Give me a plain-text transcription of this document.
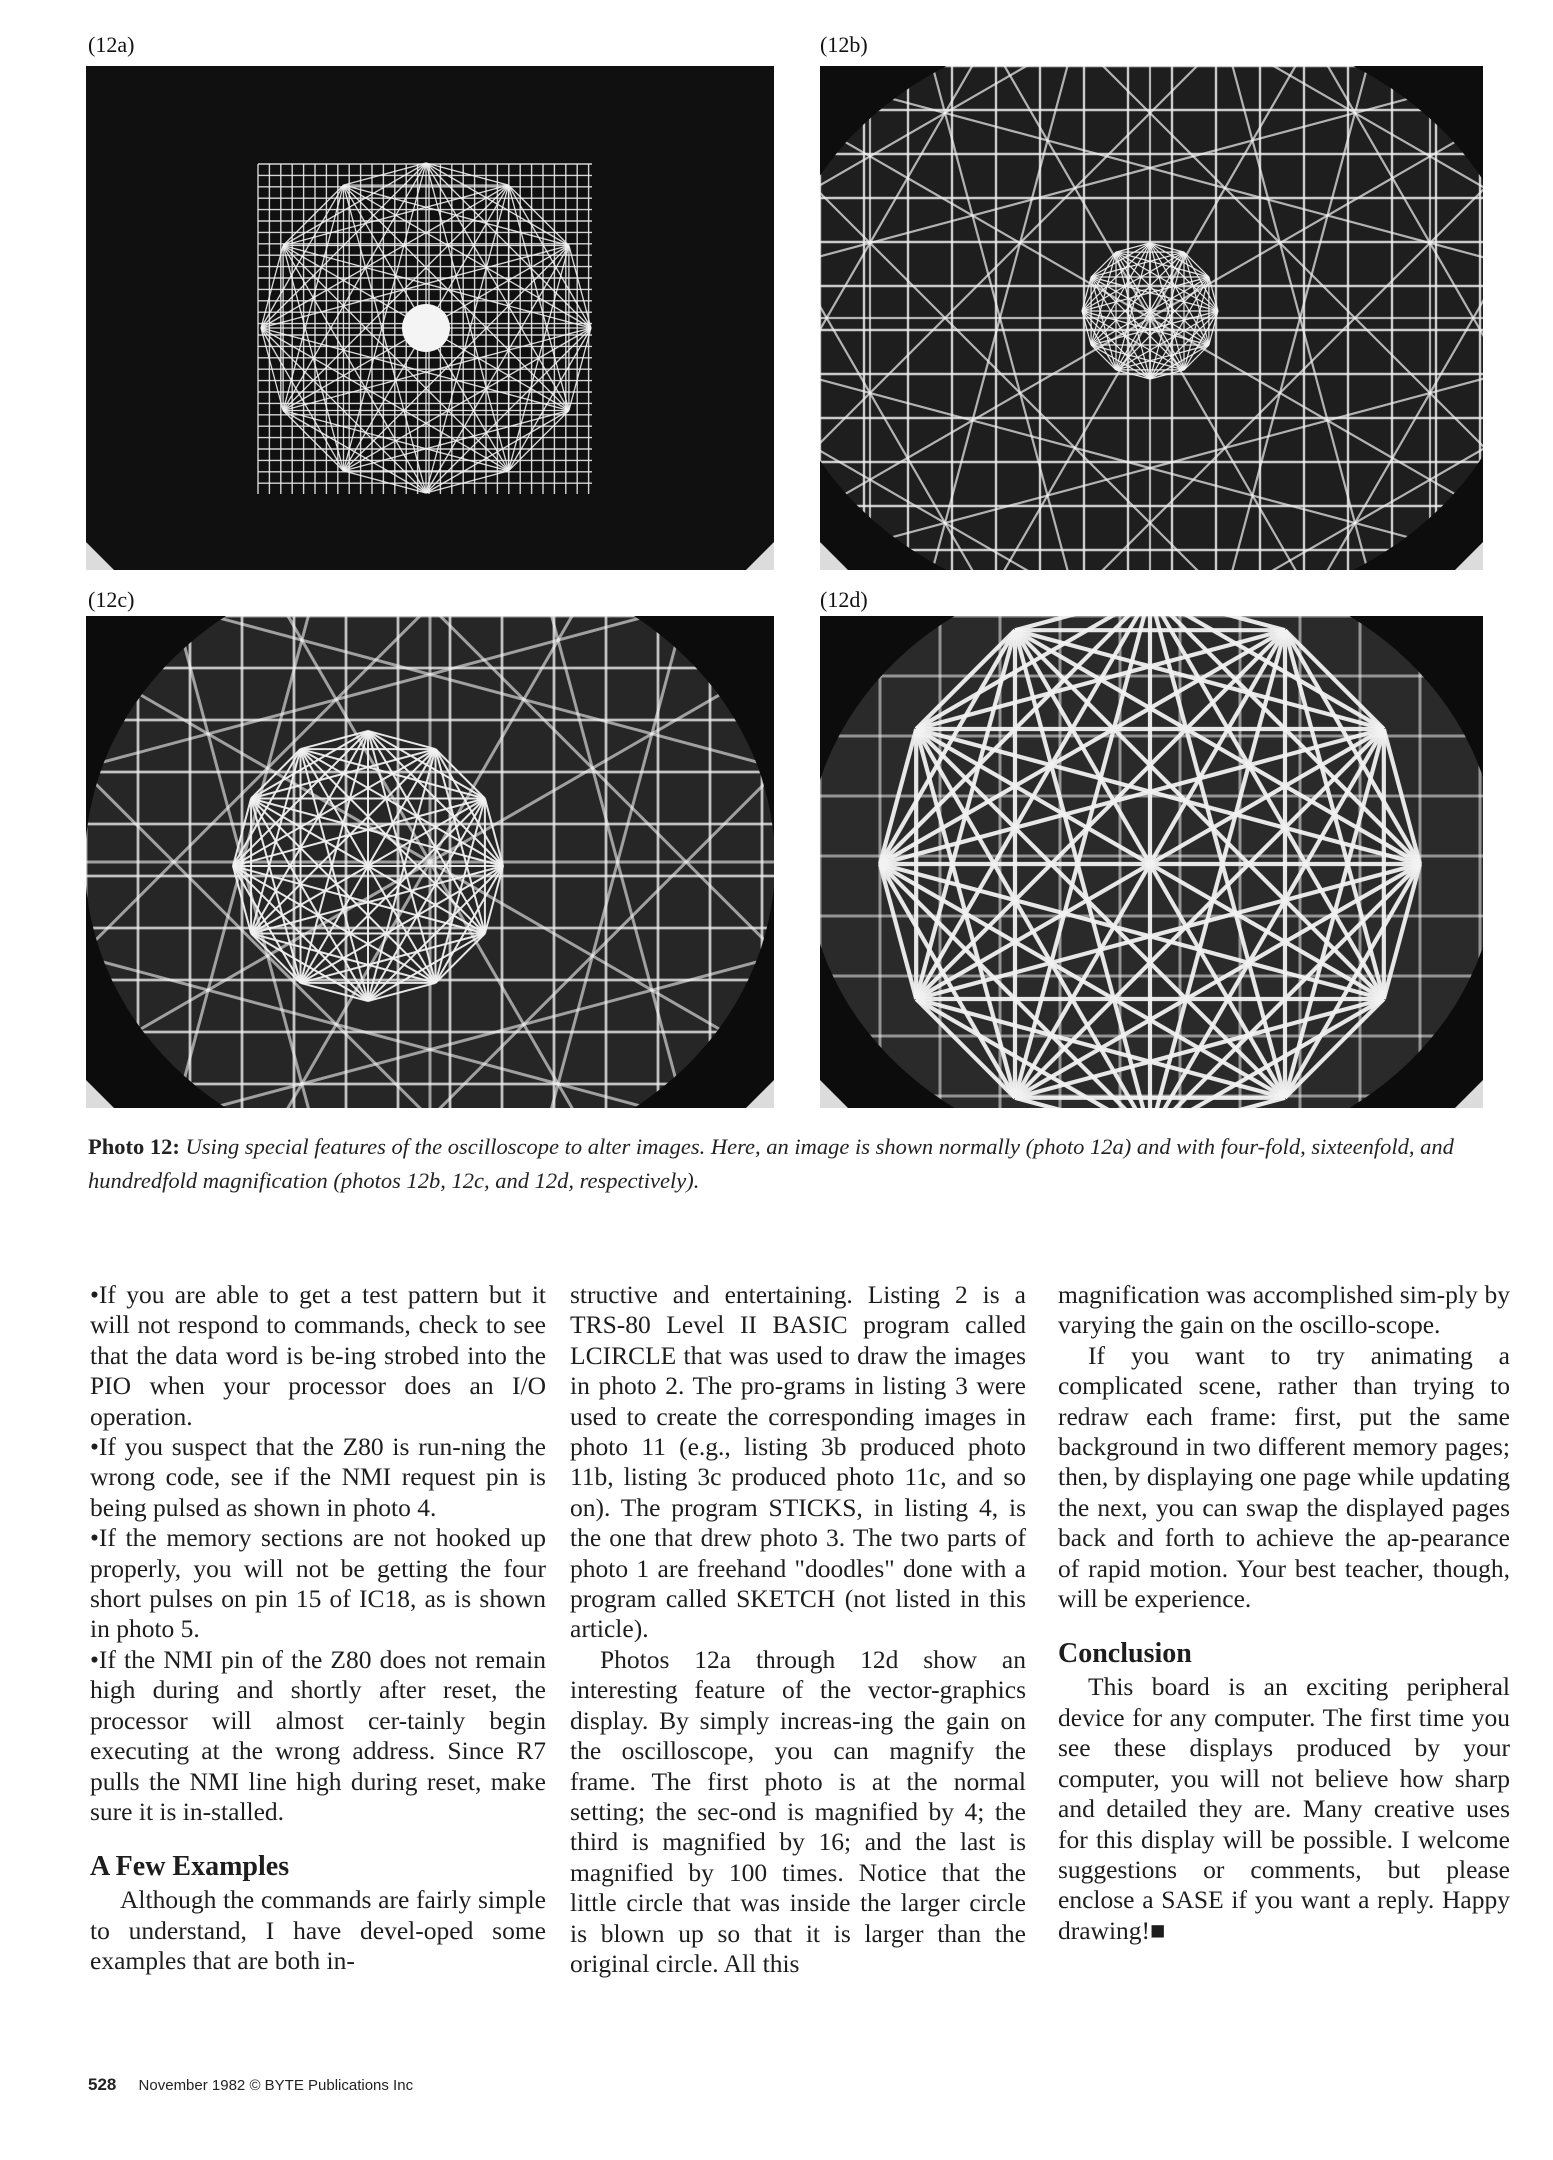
(12a)	(12b)
(12c)	(12d)
Photo 12: Using special features of the oscilloscope to alter images. Here, an image is shown normally (photo 12a) and with four-fold, sixteenfold, and hundredfold magnification (photos 12b, 12c, and 12d, respectively).

•If you are able to get a test pattern but it will not respond to commands, check to see that the data word is be-ing strobed into the PIO when your processor does an I/O operation.

•If you suspect that the Z80 is run-ning the wrong code, see if the NMI request pin is being pulsed as shown in photo 4.

•If the memory sections are not hooked up properly, you will not be getting the four short pulses on pin 15 of IC18, as is shown in photo 5.

•If the NMI pin of the Z80 does not remain high during and shortly after reset, the processor will almost cer-tainly begin executing at the wrong address. Since R7 pulls the NMI line high during reset, make sure it is in-stalled.

A Few Examples

Although the commands are fairly simple to understand, I have devel-oped some examples that are both in-

structive and entertaining. Listing 2 is a TRS-80 Level II BASIC program called LCIRCLE that was used to draw the images in photo 2. The pro-grams in listing 3 were used to create the corresponding images in photo 11 (e.g., listing 3b produced photo 11b, listing 3c produced photo 11c, and so on). The program STICKS, in listing 4, is the one that drew photo 3. The two parts of photo 1 are freehand "doodles" done with a program called SKETCH (not listed in this article).

Photos 12a through 12d show an interesting feature of the vector-graphics display. By simply increas-ing the gain on the oscilloscope, you can magnify the frame. The first photo is at the normal setting; the sec-ond is magnified by 4; the third is magnified by 16; and the last is magnified by 100 times. Notice that the little circle that was inside the larger circle is blown up so that it is larger than the original circle. All this

magnification was accomplished sim-ply by varying the gain on the oscillo-scope.

If you want to try animating a complicated scene, rather than trying to redraw each frame: first, put the same background in two different memory pages; then, by displaying one page while updating the next, you can swap the displayed pages back and forth to achieve the ap-pearance of rapid motion. Your best teacher, though, will be experience.

Conclusion

This board is an exciting peripheral device for any computer. The first time you see these displays produced by your computer, you will not believe how sharp and detailed they are. Many creative uses for this display will be possible. I welcome suggestions or comments, but please enclose a SASE if you want a reply. Happy drawing!■

528 November 1982 © BYTE Publications Inc
